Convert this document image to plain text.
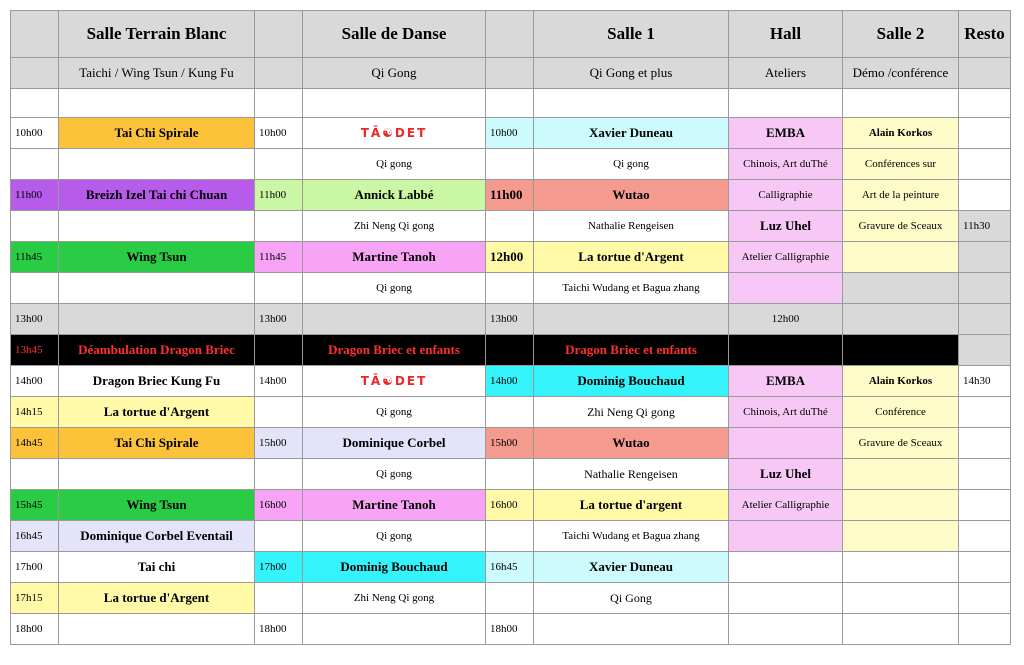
	Salle Terrain Blanc		Salle de Danse		Salle 1	Hall	Salle 2	Resto
	Taichi / Wing Tsun / Kung Fu		Qi Gong		Qi Gong et plus	Ateliers	Démo /conférence	

10h00	Tai Chi Spirale	10h00	TĀ☯DET	10h00	Xavier Duneau	EMBA	Alain Korkos	
			Qi gong		Qi gong	Chinois, Art duThé	Conférences sur	
11h00	Breizh Izel Tai chi Chuan	11h00	Annick Labbé	11h00	Wutao	Calligraphie	Art de la peinture	
			Zhi Neng Qi gong		Nathalie Rengeisen	Luz Uhel	Gravure de Sceaux	11h30
11h45	Wing Tsun	11h45	Martine Tanoh	12h00	La tortue d'Argent	Atelier Calligraphie		
			Qi gong		Taichi Wudang et Bagua zhang			
13h00		13h00		13h00		12h00		
13h45	Déambulation Dragon Briec		Dragon Briec et enfants		Dragon Briec et enfants			
14h00	Dragon Briec Kung Fu	14h00	TĀ☯DET	14h00	Dominig Bouchaud	EMBA	Alain Korkos	14h30
14h15	La tortue d'Argent		Qi gong		Zhi Neng Qi gong	Chinois, Art duThé	Conférence	
14h45	Tai Chi Spirale	15h00	Dominique Corbel	15h00	Wutao		Gravure de Sceaux	
			Qi gong		Nathalie Rengeisen	Luz Uhel		
15h45	Wing Tsun	16h00	Martine Tanoh	16h00	La tortue d'argent	Atelier Calligraphie		
16h45	Dominique Corbel Eventail		Qi gong		Taichi Wudang et Bagua zhang			
17h00	Tai chi	17h00	Dominig Bouchaud	16h45	Xavier Duneau			
17h15	La tortue d'Argent		Zhi Neng Qi gong		Qi Gong			
18h00		18h00		18h00				
